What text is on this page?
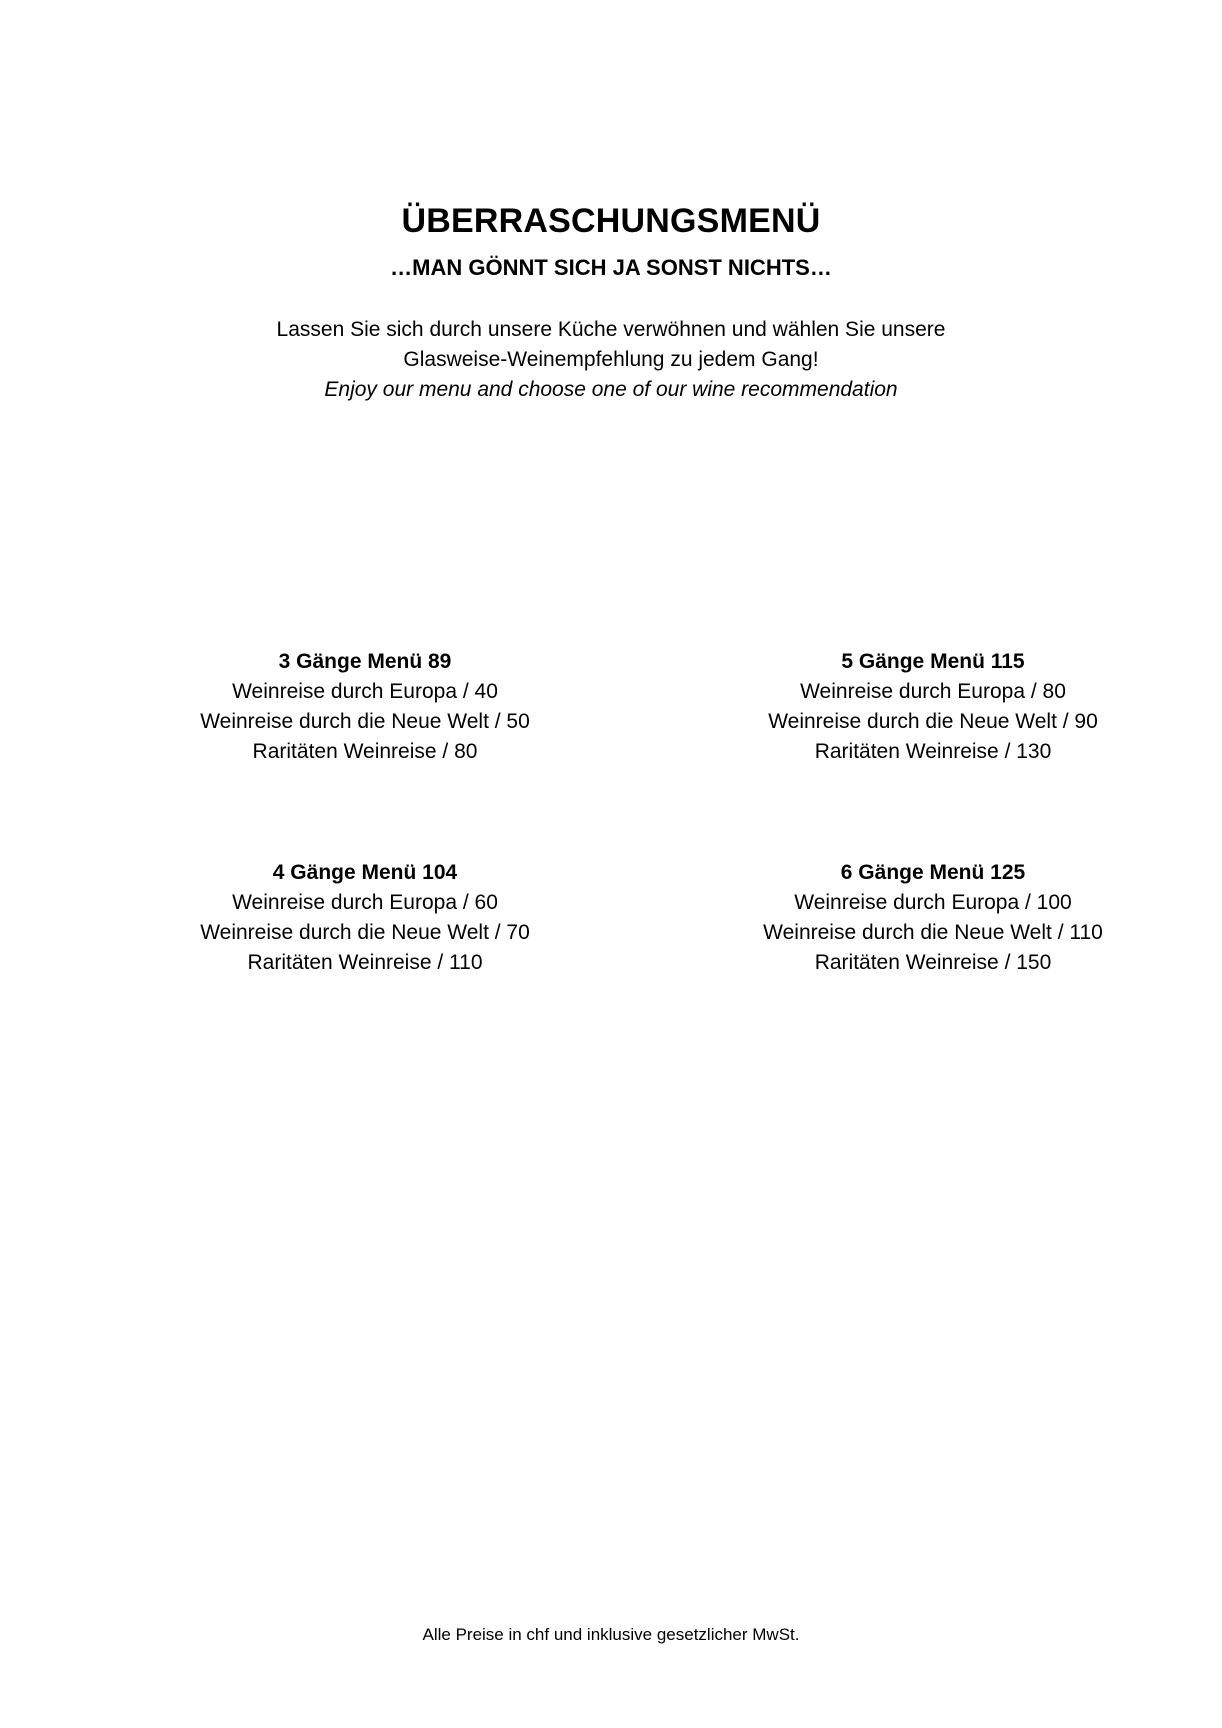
ÜBERRASCHUNGSMENÜ
…MAN GÖNNT SICH JA SONST NICHTS…
Lassen Sie sich durch unsere Küche verwöhnen und wählen Sie unsere
Glasweise-Weinempfehlung zu jedem Gang!
Enjoy our menu and choose one of our wine recommendation
3 Gänge Menü 89
Weinreise durch Europa / 40
Weinreise durch die Neue Welt / 50
Raritäten Weinreise / 80
5 Gänge Menü 115
Weinreise durch Europa / 80
Weinreise durch die Neue Welt / 90
Raritäten Weinreise / 130
4 Gänge Menü 104
Weinreise durch Europa / 60
Weinreise durch die Neue Welt / 70
Raritäten Weinreise / 110
6 Gänge Menü 125
Weinreise durch Europa / 100
Weinreise durch die Neue Welt / 110
Raritäten Weinreise / 150
Alle Preise in chf und inklusive gesetzlicher MwSt.
